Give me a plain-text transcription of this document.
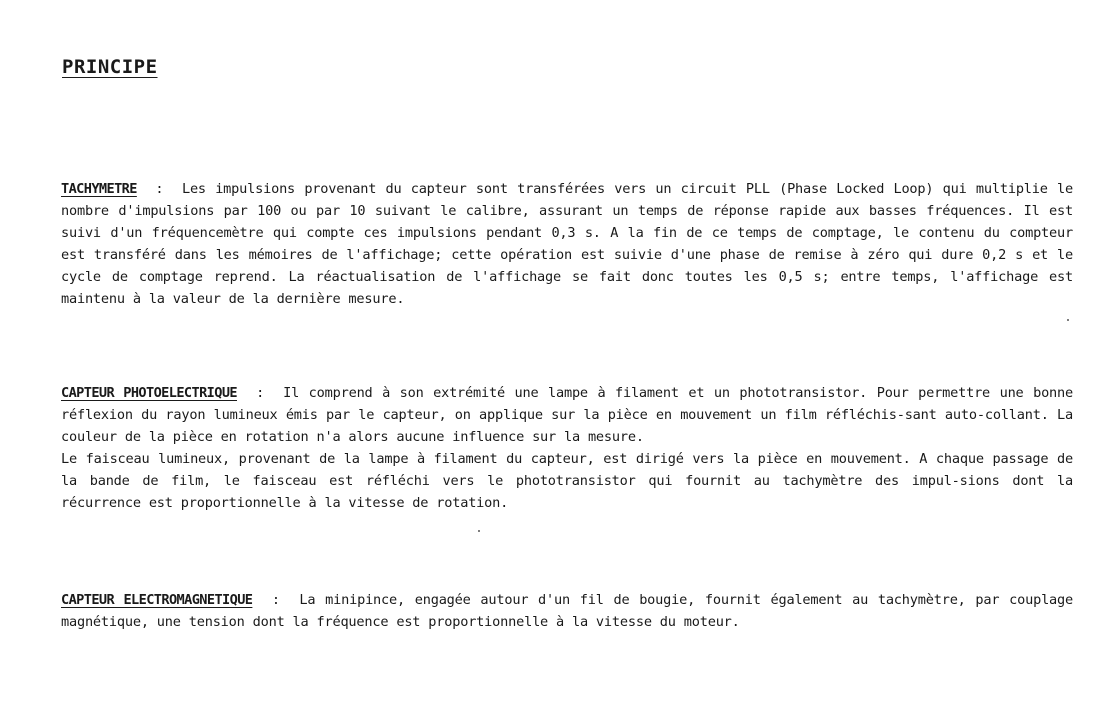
PRINCIPE

TACHYMETRE  :  Les impulsions provenant du capteur sont transférées vers un circuit PLL (Phase Locked Loop) qui multiplie le nombre d'impulsions par 100 ou par 10 suivant le calibre, assurant un temps de réponse rapide aux basses fréquences. Il est suivi d'un fréquencemètre qui compte ces impulsions pendant 0,3 s. A la fin de ce temps de comptage, le contenu du compteur est transféré dans les mémoires de l'affichage; cette opération est suivie d'une phase de remise à zéro qui dure 0,2 s et le cycle de comptage reprend. La réactualisation de l'affichage se fait donc toutes les 0,5 s; entre temps, l'affichage est maintenu à la valeur de la dernière mesure.

CAPTEUR PHOTOELECTRIQUE  :  Il comprend à son extrémité une lampe à filament et un phototransistor. Pour permettre une bonne réflexion du rayon lumineux émis par le capteur, on applique sur la pièce en mouvement un film réfléchis-sant auto-collant. La couleur de la pièce en rotation n'a alors aucune influence sur la mesure.

Le faisceau lumineux, provenant de la lampe à filament du capteur, est dirigé vers la pièce en mouvement. A chaque passage de la bande de film, le faisceau est réfléchi vers le phototransistor qui fournit au tachymètre des impul-sions dont la récurrence est proportionnelle à la vitesse de rotation.

CAPTEUR ELECTROMAGNETIQUE  :  La minipince, engagée autour d'un fil de bougie, fournit également au tachymètre, par couplage magnétique, une tension dont la fréquence est proportionnelle à la vitesse du moteur.
